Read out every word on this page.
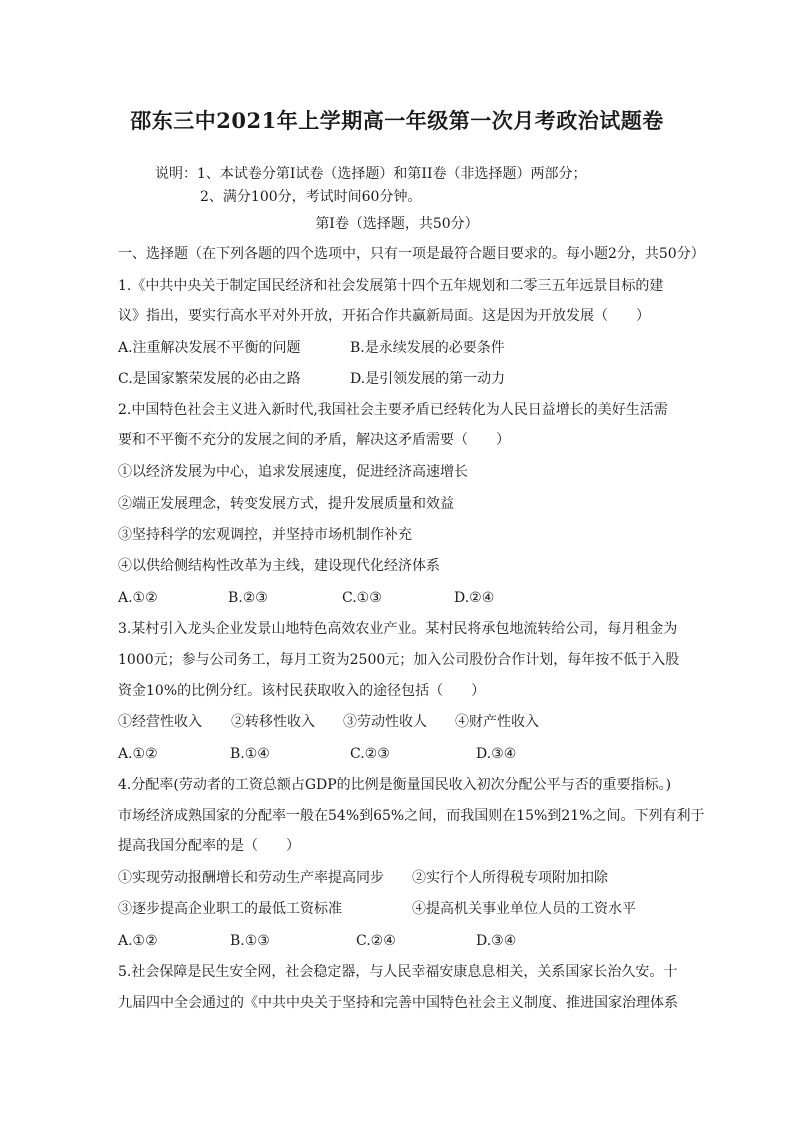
邵东三中2021年上学期高一年级第一次月考政治试题卷
说明：1、本试卷分第Ⅰ试卷（选择题）和第II卷（非选择题）两部分；
2、满分100分，考试时间60分钟。
第Ⅰ卷（选择题，共50分）
一、选择题（在下列各题的四个选项中，只有一项是最符合题目要求的。每小题2分，共50分）
1.《中共中央关于制定国民经济和社会发展第十四个五年规划和二零三五年远景目标的建
议》指出，要实行高水平对外开放，开拓合作共赢新局面。这是因为开放发展（　　）
A.注重解决发展不平衡的问题	B.是永续发展的必要条件
C.是国家繁荣发展的必由之路	D.是引领发展的第一动力
2.中国特色社会主义进入新时代,我国社会主要矛盾已经转化为人民日益增长的美好生活需
要和不平衡不充分的发展之间的矛盾，解决这矛盾需要（　　）
①以经济发展为中心，追求发展速度，促进经济高速增长
②端正发展理念，转变发展方式，提升发展质量和效益
③坚持科学的宏观调控，并坚持市场机制作补充
④以供给侧结构性改革为主线，建设现代化经济体系
A.①②	B.②③	C.①③	D.②④
3.某村引入龙头企业发景山地特色高效农业产业。某村民将承包地流转给公司，每月租金为
1000元；参与公司务工，每月工资为2500元；加入公司股份合作计划，每年按不低于入股
资金10%的比例分红。该村民获取收入的途径包括（　　）
①经营性收入 ②转移性收入 ③劳动性收人 ④财产性收入
A.①②	B.①④	C.②③	D.③④
4.分配率(劳动者的工资总额占GDP的比例是衡量国民收入初次分配公平与否的重要指标。)
市场经济成熟国家的分配率一般在54%到65%之间，而我国则在15%到21%之间。下列有利于
提高我国分配率的是（　　）
①实现劳动报酬增长和劳动生产率提高同步 ②实行个人所得税专项附加扣除
③逐步提高企业职工的最低工资标准	④提高机关事业单位人员的工资水平
A.①②	B.①③	C.②④	D.③④
5.社会保障是民生安全网，社会稳定器，与人民幸福安康息息相关，关系国家长治久安。十
九届四中全会通过的《中共中央关于坚持和完善中国特色社会主义制度、推进国家治理体系
